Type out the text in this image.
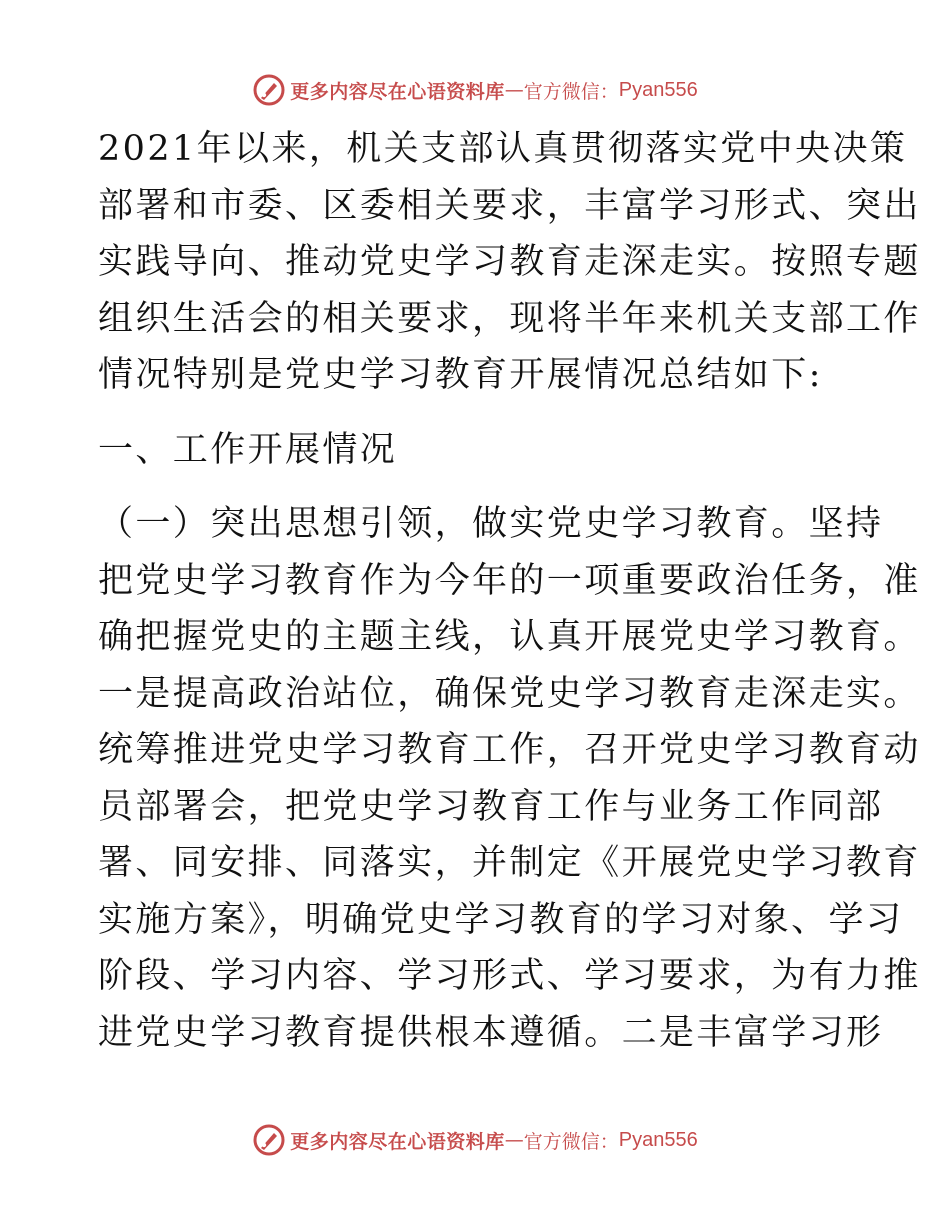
更多内容尽在心语资料库 — 官方微信： Pyan556
2021年以来，机关支部认真贯彻落实党中央决策
部署和市委、区委相关要求，丰富学习形式、突出
实践导向、推动党史学习教育走深走实。按照专题
组织生活会的相关要求，现将半年来机关支部工作
情况特别是党史学习教育开展情况总结如下:
一、工作开展情况
（一）突出思想引领，做实党史学习教育。坚持
把党史学习教育作为今年的一项重要政治任务，准
确把握党史的主题主线，认真开展党史学习教育。
一是提高政治站位，确保党史学习教育走深走实。
统筹推进党史学习教育工作，召开党史学习教育动
员部署会，把党史学习教育工作与业务工作同部
署、同安排、同落实，并制定《开展党史学习教育
实施方案》，明确党史学习教育的学习对象、学习
阶段、学习内容、学习形式、学习要求，为有力推
进党史学习教育提供根本遵循。二是丰富学习形
更多内容尽在心语资料库 — 官方微信： Pyan556
